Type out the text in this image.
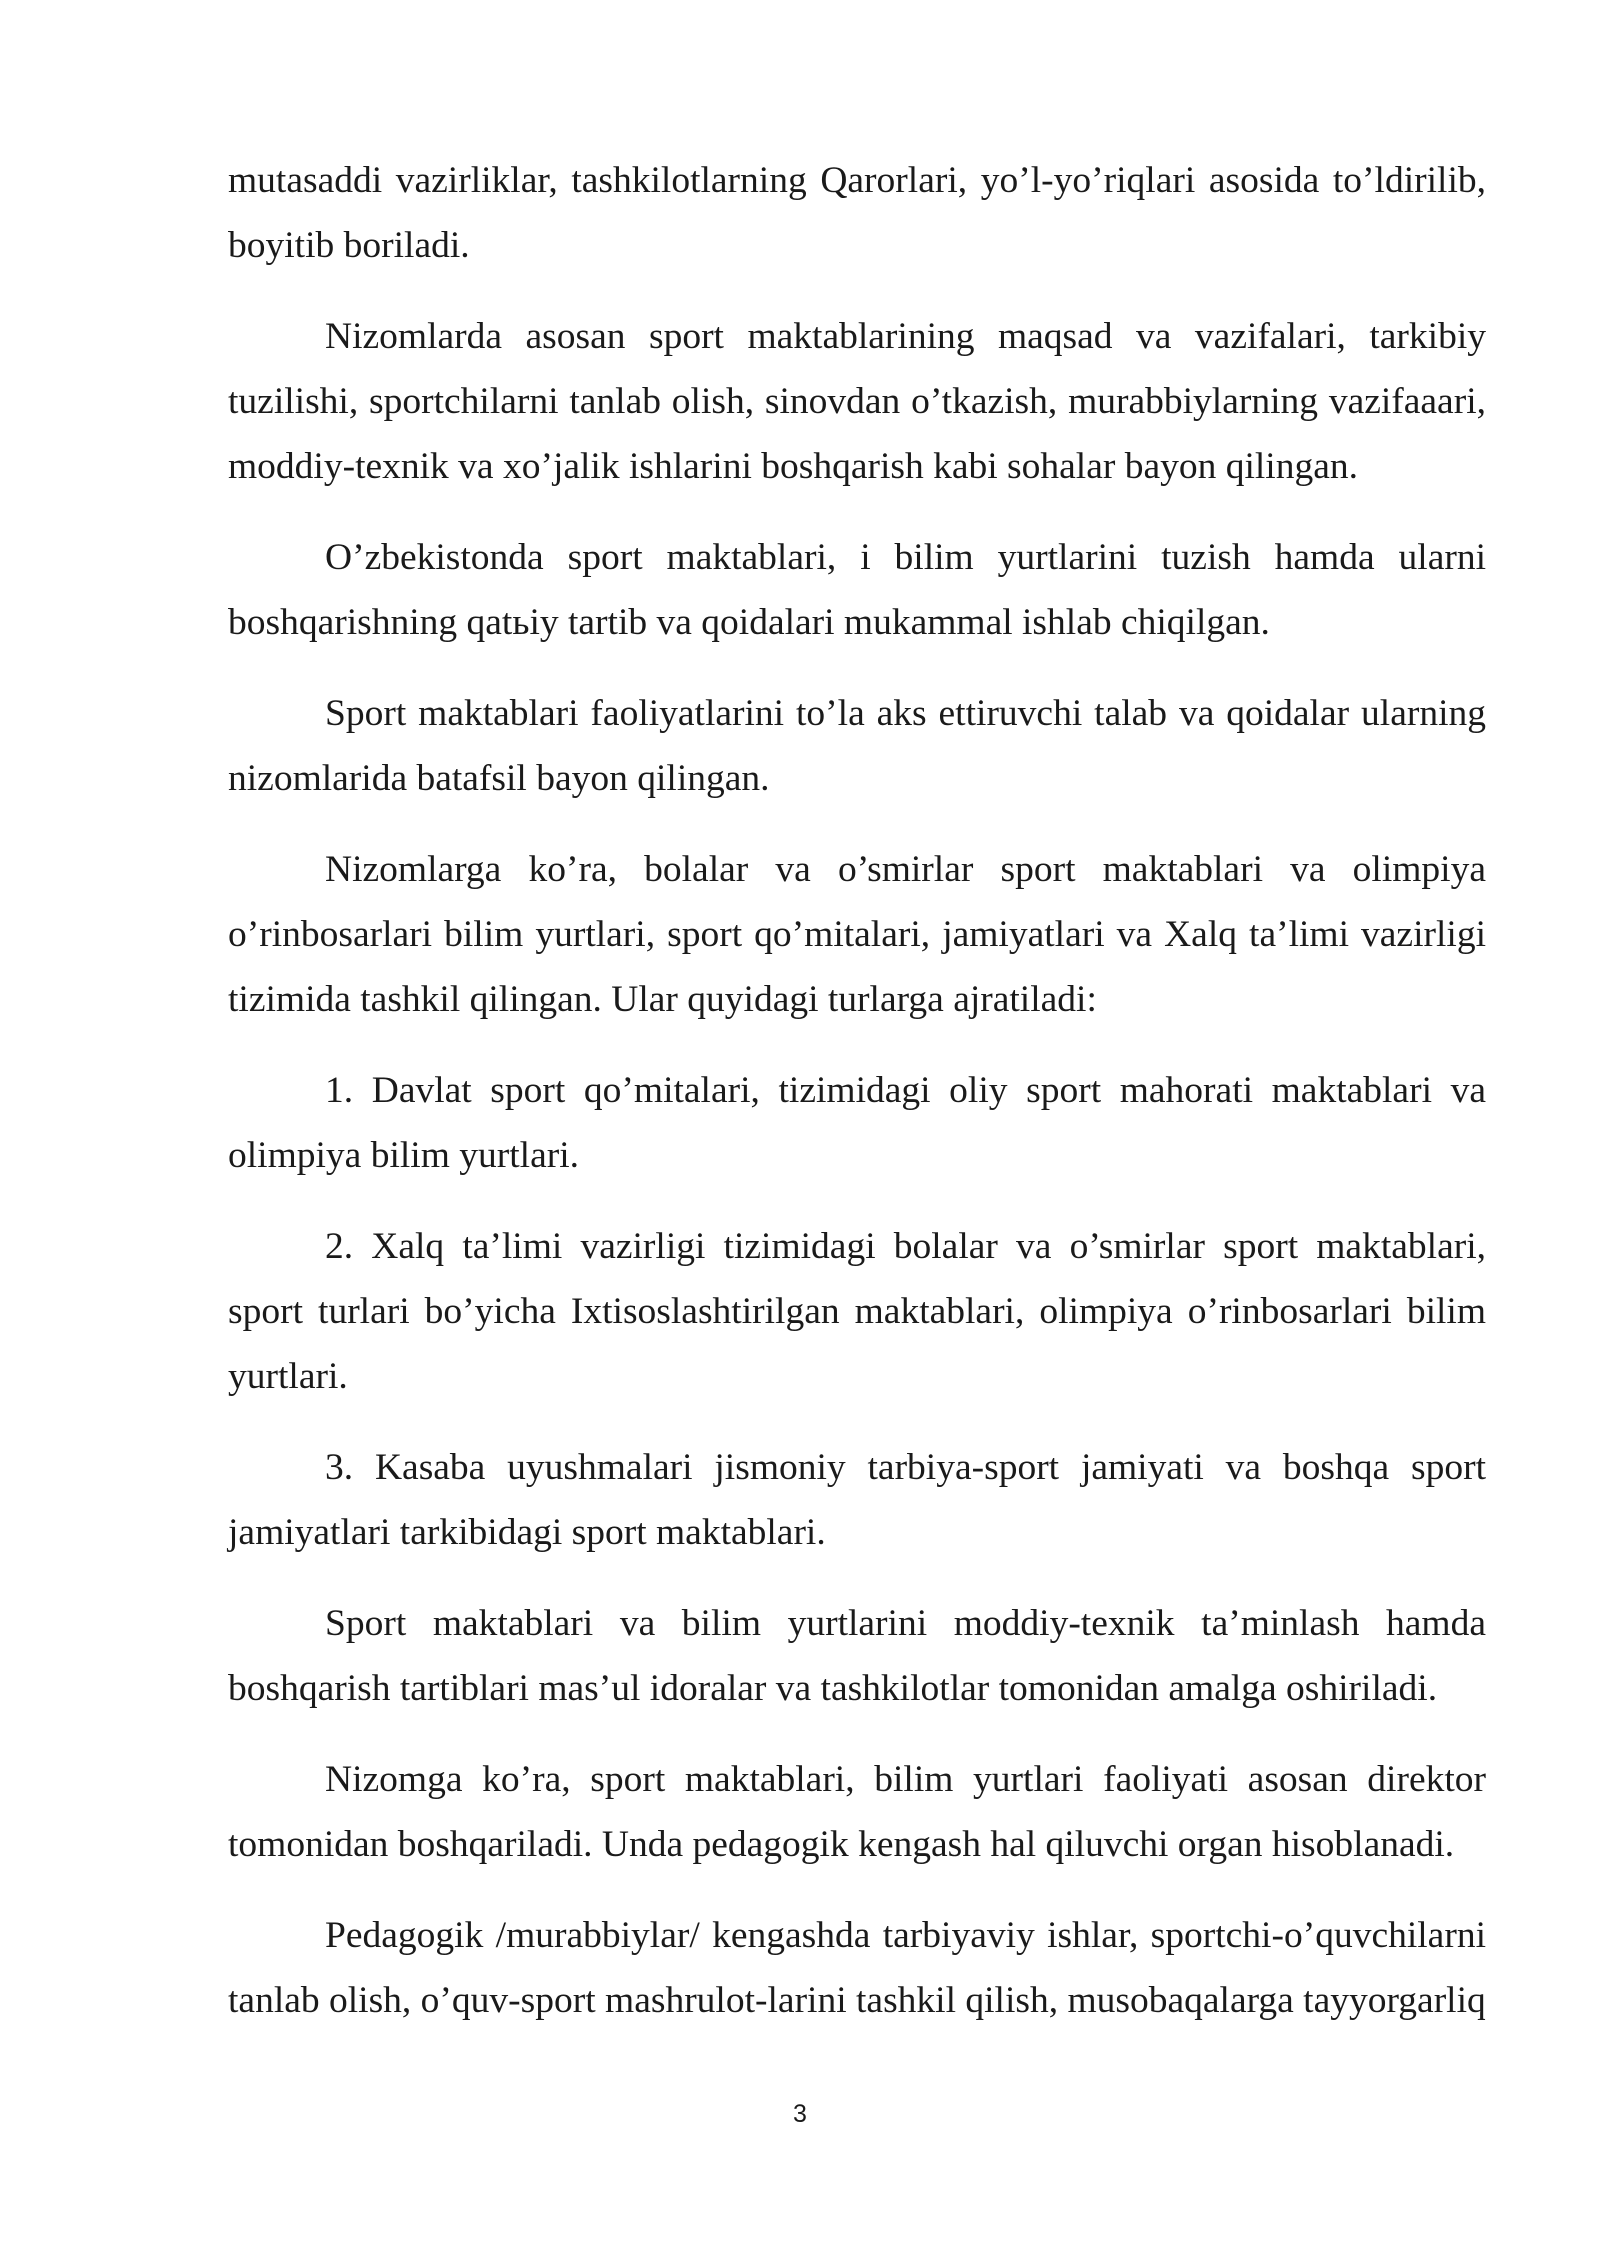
mutasaddi vazirliklar, tashkilotlarning Qarorlari, yo’l-yo’riqlari asosida to’ldirilib, boyitib boriladi.

Nizomlarda asosan sport maktablarining maqsad va vazifalari, tarkibiy tuzilishi, sportchilarni tanlab olish, sinovdan o’tkazish, murabbiylarning vazifaaari, moddiy-texnik va xo’jalik ishlarini boshqarish kabi sohalar bayon qilingan.

O’zbekistonda sport maktablari, i bilim yurtlarini tuzish hamda ularni boshqarishning qatьiy tartib va qoidalari mukammal ishlab chiqilgan.

Sport maktablari faoliyatlarini to’la aks ettiruvchi talab va qoidalar ularning nizomlarida batafsil bayon qilingan.

Nizomlarga ko’ra, bolalar va o’smirlar sport maktablari va olimpiya o’rinbosarlari bilim yurtlari, sport qo’mitalari, jamiyatlari va Xalq ta’limi vazirligi tizimida tashkil qilingan. Ular quyidagi turlarga ajratiladi:

1. Davlat sport qo’mitalari, tizimidagi oliy sport mahorati maktablari va olimpiya bilim yurtlari.

2. Xalq ta’limi vazirligi tizimidagi bolalar va o’smirlar sport maktablari, sport turlari bo’yicha Ixtisoslashtirilgan maktablari, olimpiya o’rinbosarlari bilim yurtlari.

3. Kasaba uyushmalari jismoniy tarbiya-sport jamiyati va boshqa sport jamiyatlari tarkibidagi sport maktablari.

Sport maktablari va bilim yurtlarini moddiy-texnik ta’minlash hamda boshqarish tartiblari mas’ul idoralar va tashkilotlar tomonidan amalga oshiriladi.

Nizomga ko’ra, sport maktablari, bilim yurtlari faoliyati asosan direktor tomonidan boshqariladi. Unda pedagogik kengash hal qiluvchi organ hisoblanadi.

Pedagogik /murabbiylar/ kengashda tarbiyaviy ishlar, sportchi-o’quvchilarni tanlab olish, o’quv-sport mashrulot-larini tashkil qilish, musobaqalarga tayyorgarliq

3
